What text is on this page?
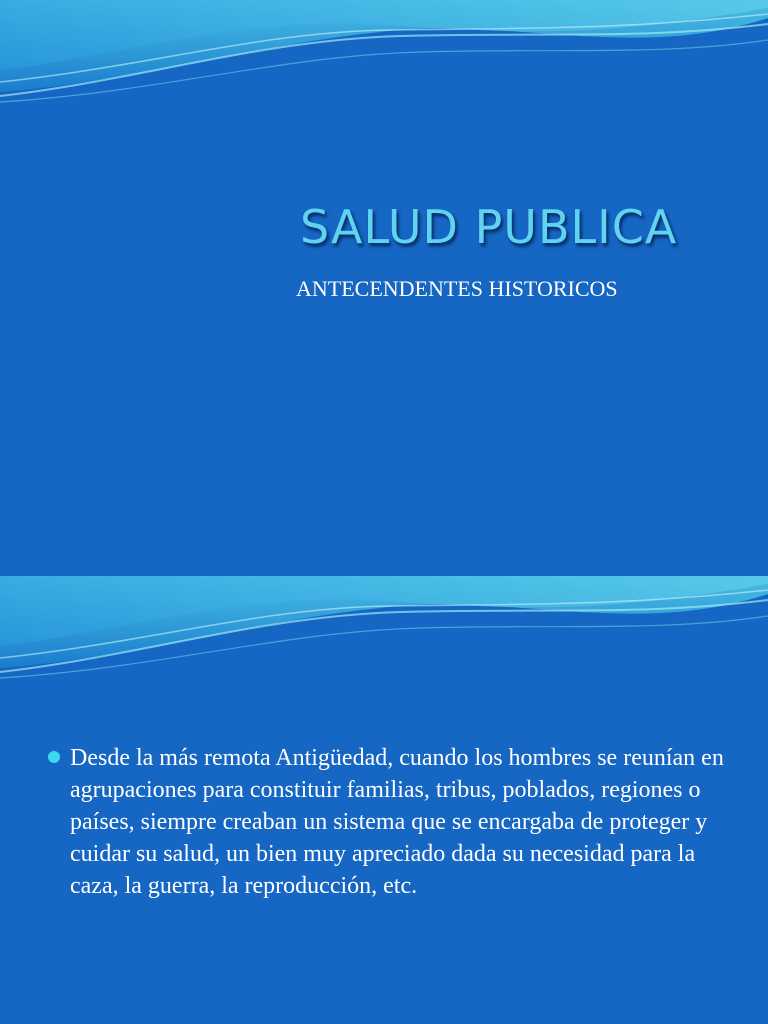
SALUD PUBLICA
ANTECENDENTES HISTORICOS
Desde la más remota Antigüedad, cuando los hombres se reunían en agrupaciones para constituir familias, tribus, poblados, regiones o países, siempre creaban un sistema que se encargaba de proteger y cuidar su salud, un bien muy apreciado dada su necesidad para la caza, la guerra, la reproducción, etc.
